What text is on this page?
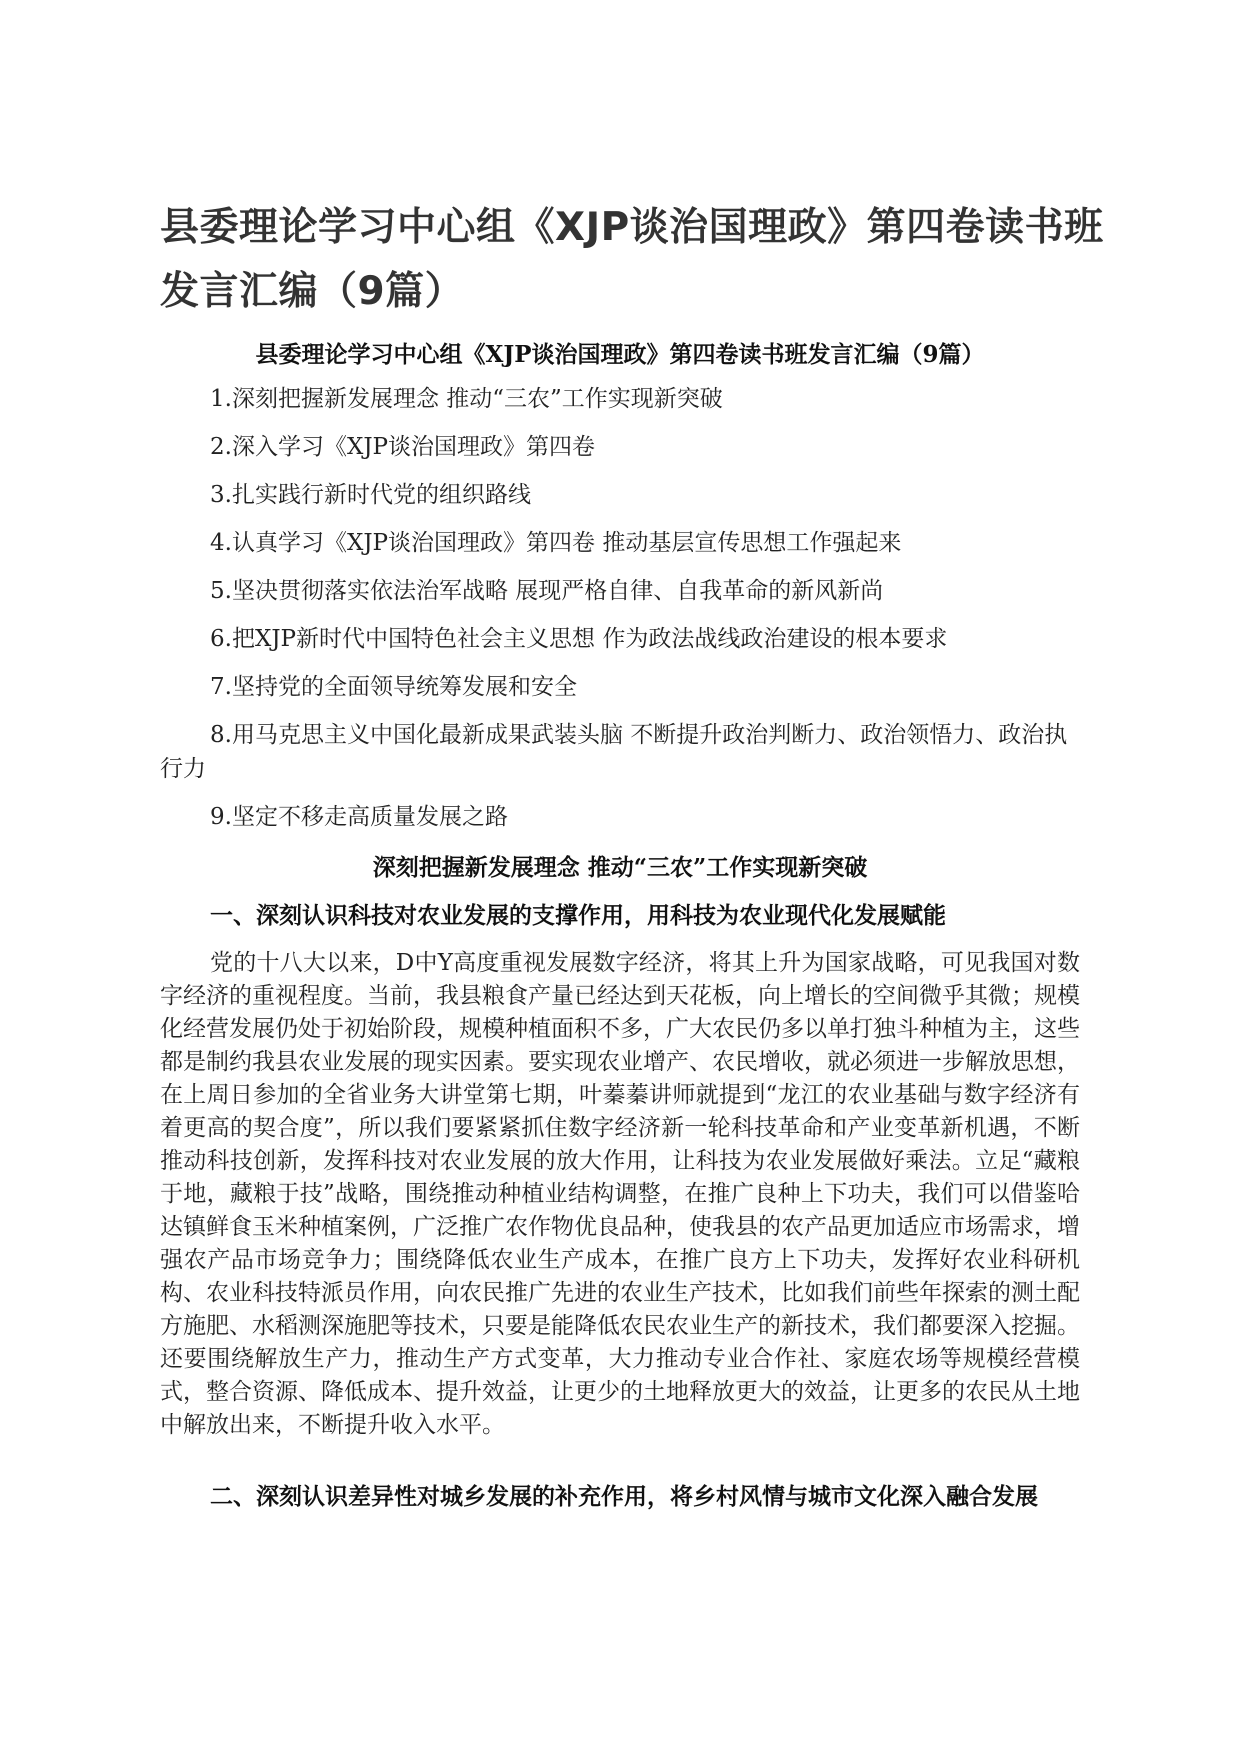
县委理论学习中心组《XJP谈治国理政》第四卷读书班发言汇编（9篇）
县委理论学习中心组《XJP谈治国理政》第四卷读书班发言汇编（9篇）
1.深刻把握新发展理念 推动“三农”工作实现新突破
2.深入学习《XJP谈治国理政》第四卷
3.扎实践行新时代党的组织路线
4.认真学习《XJP谈治国理政》第四卷 推动基层宣传思想工作强起来
5.坚决贯彻落实依法治军战略 展现严格自律、自我革命的新风新尚
6.把XJP新时代中国特色社会主义思想 作为政法战线政治建设的根本要求
7.坚持党的全面领导统筹发展和安全
8.用马克思主义中国化最新成果武装头脑 不断提升政治判断力、政治领悟力、政治执行力
9.坚定不移走高质量发展之路
深刻把握新发展理念 推动“三农”工作实现新突破

一、深刻认识科技对农业发展的支撑作用，用科技为农业现代化发展赋能

党的十八大以来，D中Y高度重视发展数字经济，将其上升为国家战略，可见我国对数字经济的重视程度。当前，我县粮食产量已经达到天花板，向上增长的空间微乎其微；规模化经营发展仍处于初始阶段，规模种植面积不多，广大农民仍多以单打独斗种植为主，这些都是制约我县农业发展的现实因素。要实现农业增产、农民增收，就必须进一步解放思想，在上周日参加的全省业务大讲堂第七期，叶蓁蓁讲师就提到“龙江的农业基础与数字经济有着更高的契合度”，所以我们要紧紧抓住数字经济新一轮科技革命和产业变革新机遇，不断推动科技创新，发挥科技对农业发展的放大作用，让科技为农业发展做好乘法。立足“藏粮于地，藏粮于技”战略，围绕推动种植业结构调整，在推广良种上下功夫，我们可以借鉴哈达镇鲜食玉米种植案例，广泛推广农作物优良品种，使我县的农产品更加适应市场需求，增强农产品市场竞争力；围绕降低农业生产成本，在推广良方上下功夫，发挥好农业科研机构、农业科技特派员作用，向农民推广先进的农业生产技术，比如我们前些年探索的测土配方施肥、水稻测深施肥等技术，只要是能降低农民农业生产的新技术，我们都要深入挖掘。还要围绕解放生产力，推动生产方式变革，大力推动专业合作社、家庭农场等规模经营模式，整合资源、降低成本、提升效益，让更少的土地释放更大的效益，让更多的农民从土地中解放出来，不断提升收入水平。

二、深刻认识差异性对城乡发展的补充作用，将乡村风情与城市文化深入融合发展
